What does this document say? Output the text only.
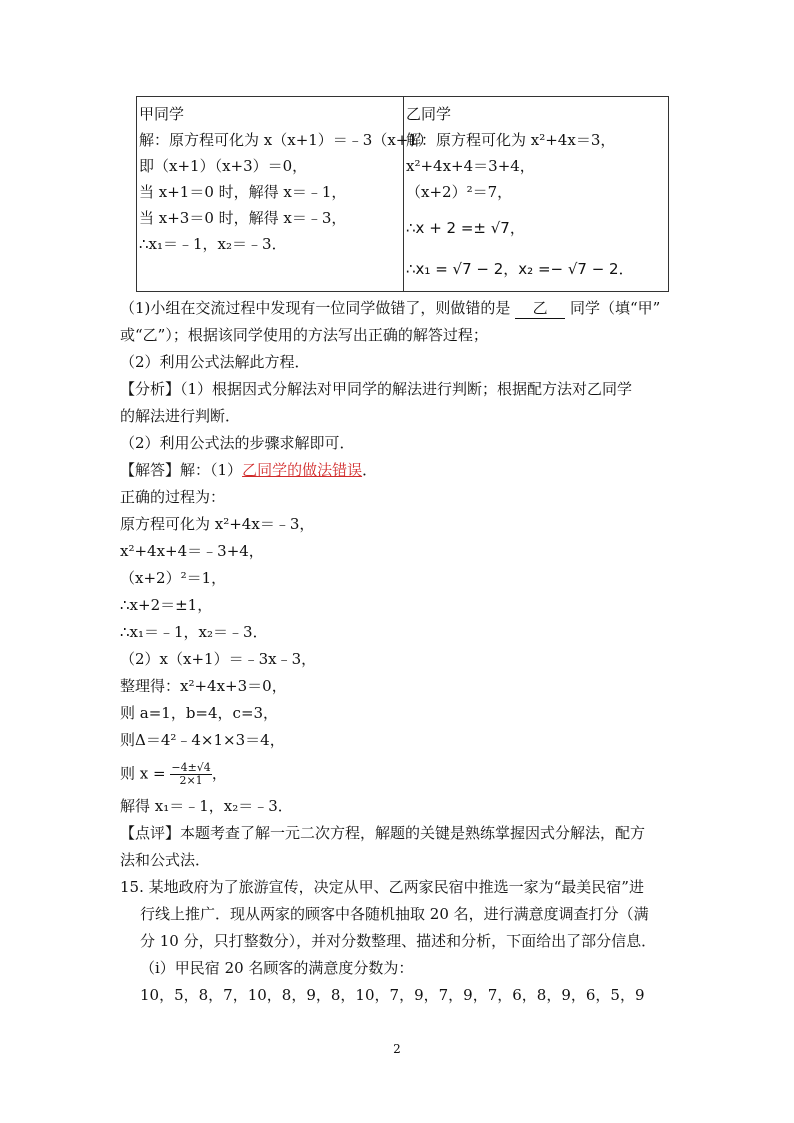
甲同学
解：原方程可化为 x（x+1）＝﹣3（x+1）
即（x+1）（x+3）＝0，
当 x+1＝0 时，解得 x＝﹣1，
当 x+3＝0 时，解得 x＝﹣3，
∴x₁＝﹣1，x₂＝﹣3．

乙同学
解：原方程可化为 x²+4x＝3，
x²+4x+4＝3+4，
（x+2）²＝7，
∴x + 2 =± √7，
∴x₁ = √7 − 2，x₂ =− √7 − 2．
（1)小组在交流过程中发现有一位同学做错了，则做错的是 乙 同学（填“甲”
或“乙”）；根据该同学使用的方法写出正确的解答过程；
（2）利用公式法解此方程．
【分析】（1）根据因式分解法对甲同学的解法进行判断；根据配方法对乙同学
的解法进行判断．
（2）利用公式法的步骤求解即可．
【解答】解：（1）乙同学的做法错误．
正确的过程为：
原方程可化为 x²+4x＝﹣3，
x²+4x+4＝﹣3+4，
（x+2）²＝1，
∴x+2＝±1，
∴x₁＝﹣1，x₂＝﹣3．
（2）x（x+1）＝﹣3x﹣3，
整理得：x²+4x+3＝0，
则 a=1，b=4，c=3，
则Δ＝4²﹣4×1×3＝4，
则 $x = \frac{-4\pm√4}{2\times 1}$ ，
解得 x₁＝﹣1，x₂＝﹣3．
【点评】本题考查了解一元二次方程，解题的关键是熟练掌握因式分解法，配方
法和公式法．
15. 某地政府为了旅游宣传，决定从甲、乙两家民宿中推选一家为“最美民宿”进
行线上推广．现从两家的顾客中各随机抽取 20 名，进行满意度调查打分（满
分 10 分，只打整数分），并对分数整理、描述和分析，下面给出了部分信息．
（i）甲民宿 20 名顾客的满意度分数为：
10，5，8，7，10，8，9，8，10，7，9，7，9，7，6，8，9，6，5，9
2
